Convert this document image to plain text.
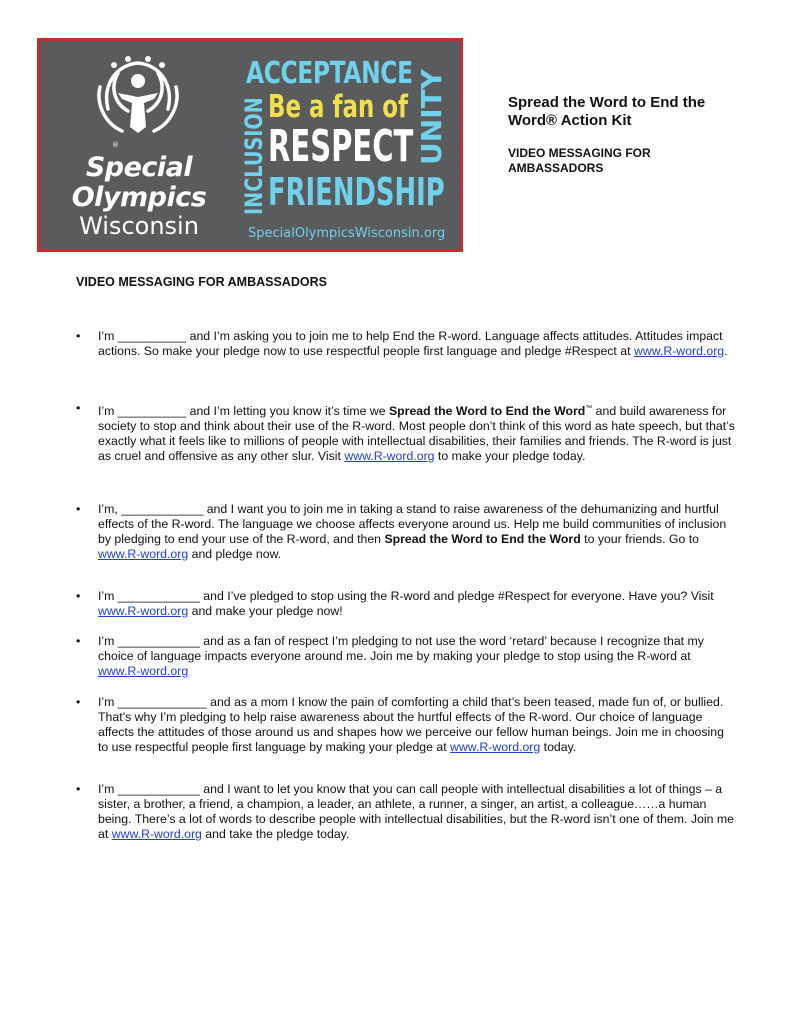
®
Special
Olympics
Wisconsin
ACCEPTANCE
Be a fan of
RESPECT
FRIENDSHIP
INCLUSION	UNITY
SpecialOlympicsWisconsin.org
Spread the Word to End the Word® Action Kit
VIDEO MESSAGING FOR AMBASSADORS
VIDEO MESSAGING FOR AMBASSADORS
•	I’m __________ and I’m asking you to join me to help End the R-word. Language affects attitudes. Attitudes impact actions. So make your pledge now to use respectful people first language and pledge #Respect at www.R-word.org.
•	I’m __________ and I’m letting you know it’s time we Spread the Word to End the Word™ and build awareness for society to stop and think about their use of the R-word. Most people don’t think of this word as hate speech, but that’s exactly what it feels like to millions of people with intellectual disabilities, their families and friends. The R-word is just as cruel and offensive as any other slur. Visit www.R-word.org to make your pledge today.
•	I’m, ____________ and I want you to join me in taking a stand to raise awareness of the dehumanizing and hurtful effects of the R-word. The language we choose affects everyone around us. Help me build communities of inclusion by pledging to end your use of the R-word, and then Spread the Word to End the Word to your friends. Go to www.R-word.org and pledge now.
•	I’m ____________ and I’ve pledged to stop using the R-word and pledge #Respect for everyone. Have you? Visit www.R-word.org and make your pledge now!
•	I’m ____________ and as a fan of respect I’m pledging to not use the word ‘retard’ because I recognize that my choice of language impacts everyone around me. Join me by making your pledge to stop using the R-word at www.R-word.org
•	I’m _____________ and as a mom I know the pain of comforting a child that’s been teased, made fun of, or bullied. That’s why I’m pledging to help raise awareness about the hurtful effects of the R-word. Our choice of language affects the attitudes of those around us and shapes how we perceive our fellow human beings. Join me in choosing to use respectful people first language by making your pledge at www.R-word.org today.
•	I’m ____________ and I want to let you know that you can call people with intellectual disabilities a lot of things – a sister, a brother, a friend, a champion, a leader, an athlete, a runner, a singer, an artist, a colleague……a human being. There’s a lot of words to describe people with intellectual disabilities, but the R-word isn’t one of them. Join me at www.R-word.org and take the pledge today.
